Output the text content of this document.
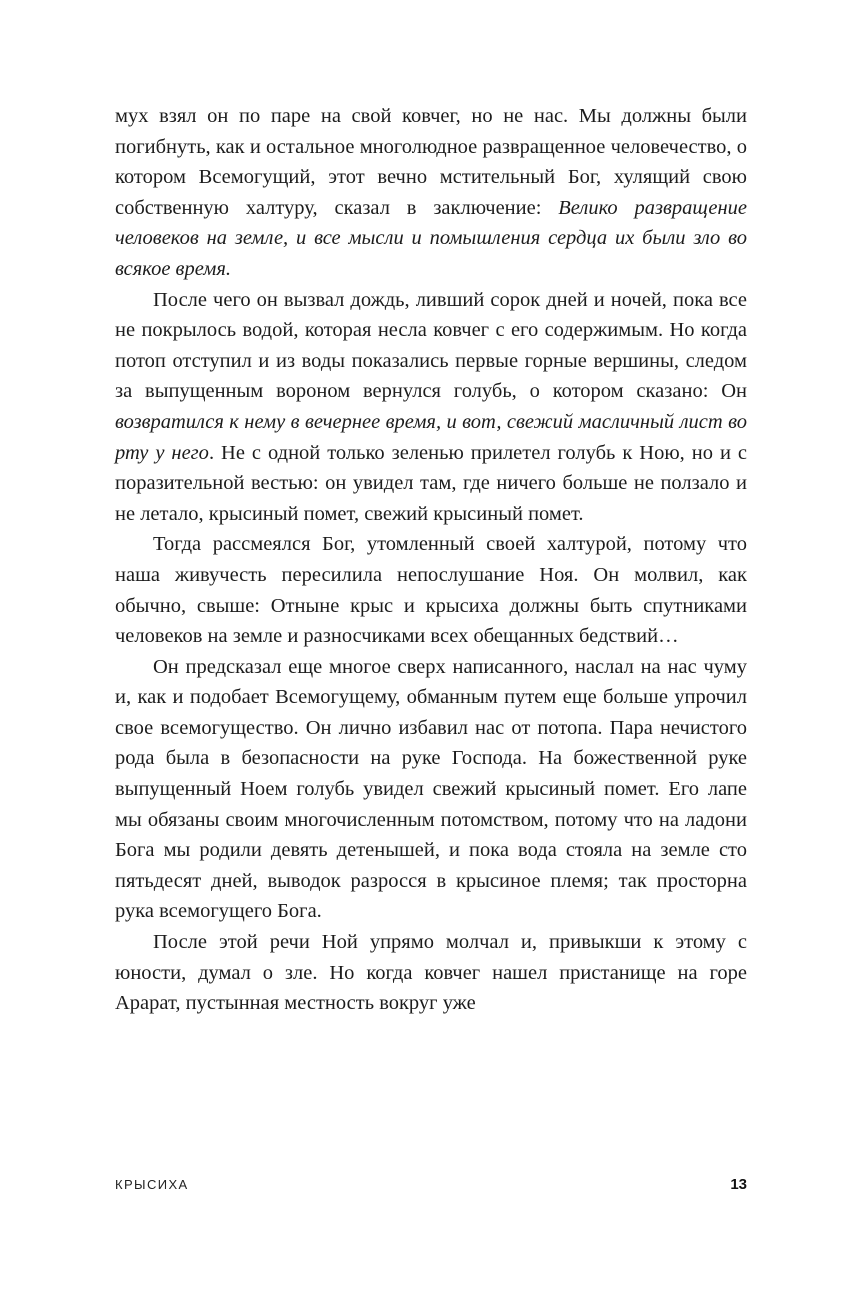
мух взял он по паре на свой ковчег, но не нас. Мы должны были погибнуть, как и остальное многолюдное развращенное человечество, о котором Всемогущий, этот вечно мстительный Бог, хулящий свою собственную халтуру, сказал в заключение: Велико развращение человеков на земле, и все мысли и помышления сердца их были зло во всякое время.

После чего он вызвал дождь, ливший сорок дней и ночей, пока все не покрылось водой, которая несла ковчег с его содержимым. Но когда потоп отступил и из воды показались первые горные вершины, следом за выпущенным вороном вернулся голубь, о котором сказано: Он возвратился к нему в вечернее время, и вот, свежий масличный лист во рту у него. Не с одной только зеленью прилетел голубь к Ною, но и с поразительной вестью: он увидел там, где ничего больше не ползало и не летало, крысиный помет, свежий крысиный помет.

Тогда рассмеялся Бог, утомленный своей халтурой, потому что наша живучесть пересилила непослушание Ноя. Он молвил, как обычно, свыше: Отныне крыс и крысиха должны быть спутниками человеков на земле и разносчиками всех обещанных бедствий…

Он предсказал еще многое сверх написанного, наслал на нас чуму и, как и подобает Всемогущему, обманным путем еще больше упрочил свое всемогущество. Он лично избавил нас от потопа. Пара нечистого рода была в безопасности на руке Господа. На божественной руке выпущенный Ноем голубь увидел свежий крысиный помет. Его лапе мы обязаны своим многочисленным потомством, потому что на ладони Бога мы родили девять детенышей, и пока вода стояла на земле сто пятьдесят дней, выводок разросся в крысиное племя; так просторна рука всемогущего Бога.

После этой речи Ной упрямо молчал и, привыкши к этому с юности, думал о зле. Но когда ковчег нашел пристанище на горе Арарат, пустынная местность вокруг уже

КРЫСИХА	13
